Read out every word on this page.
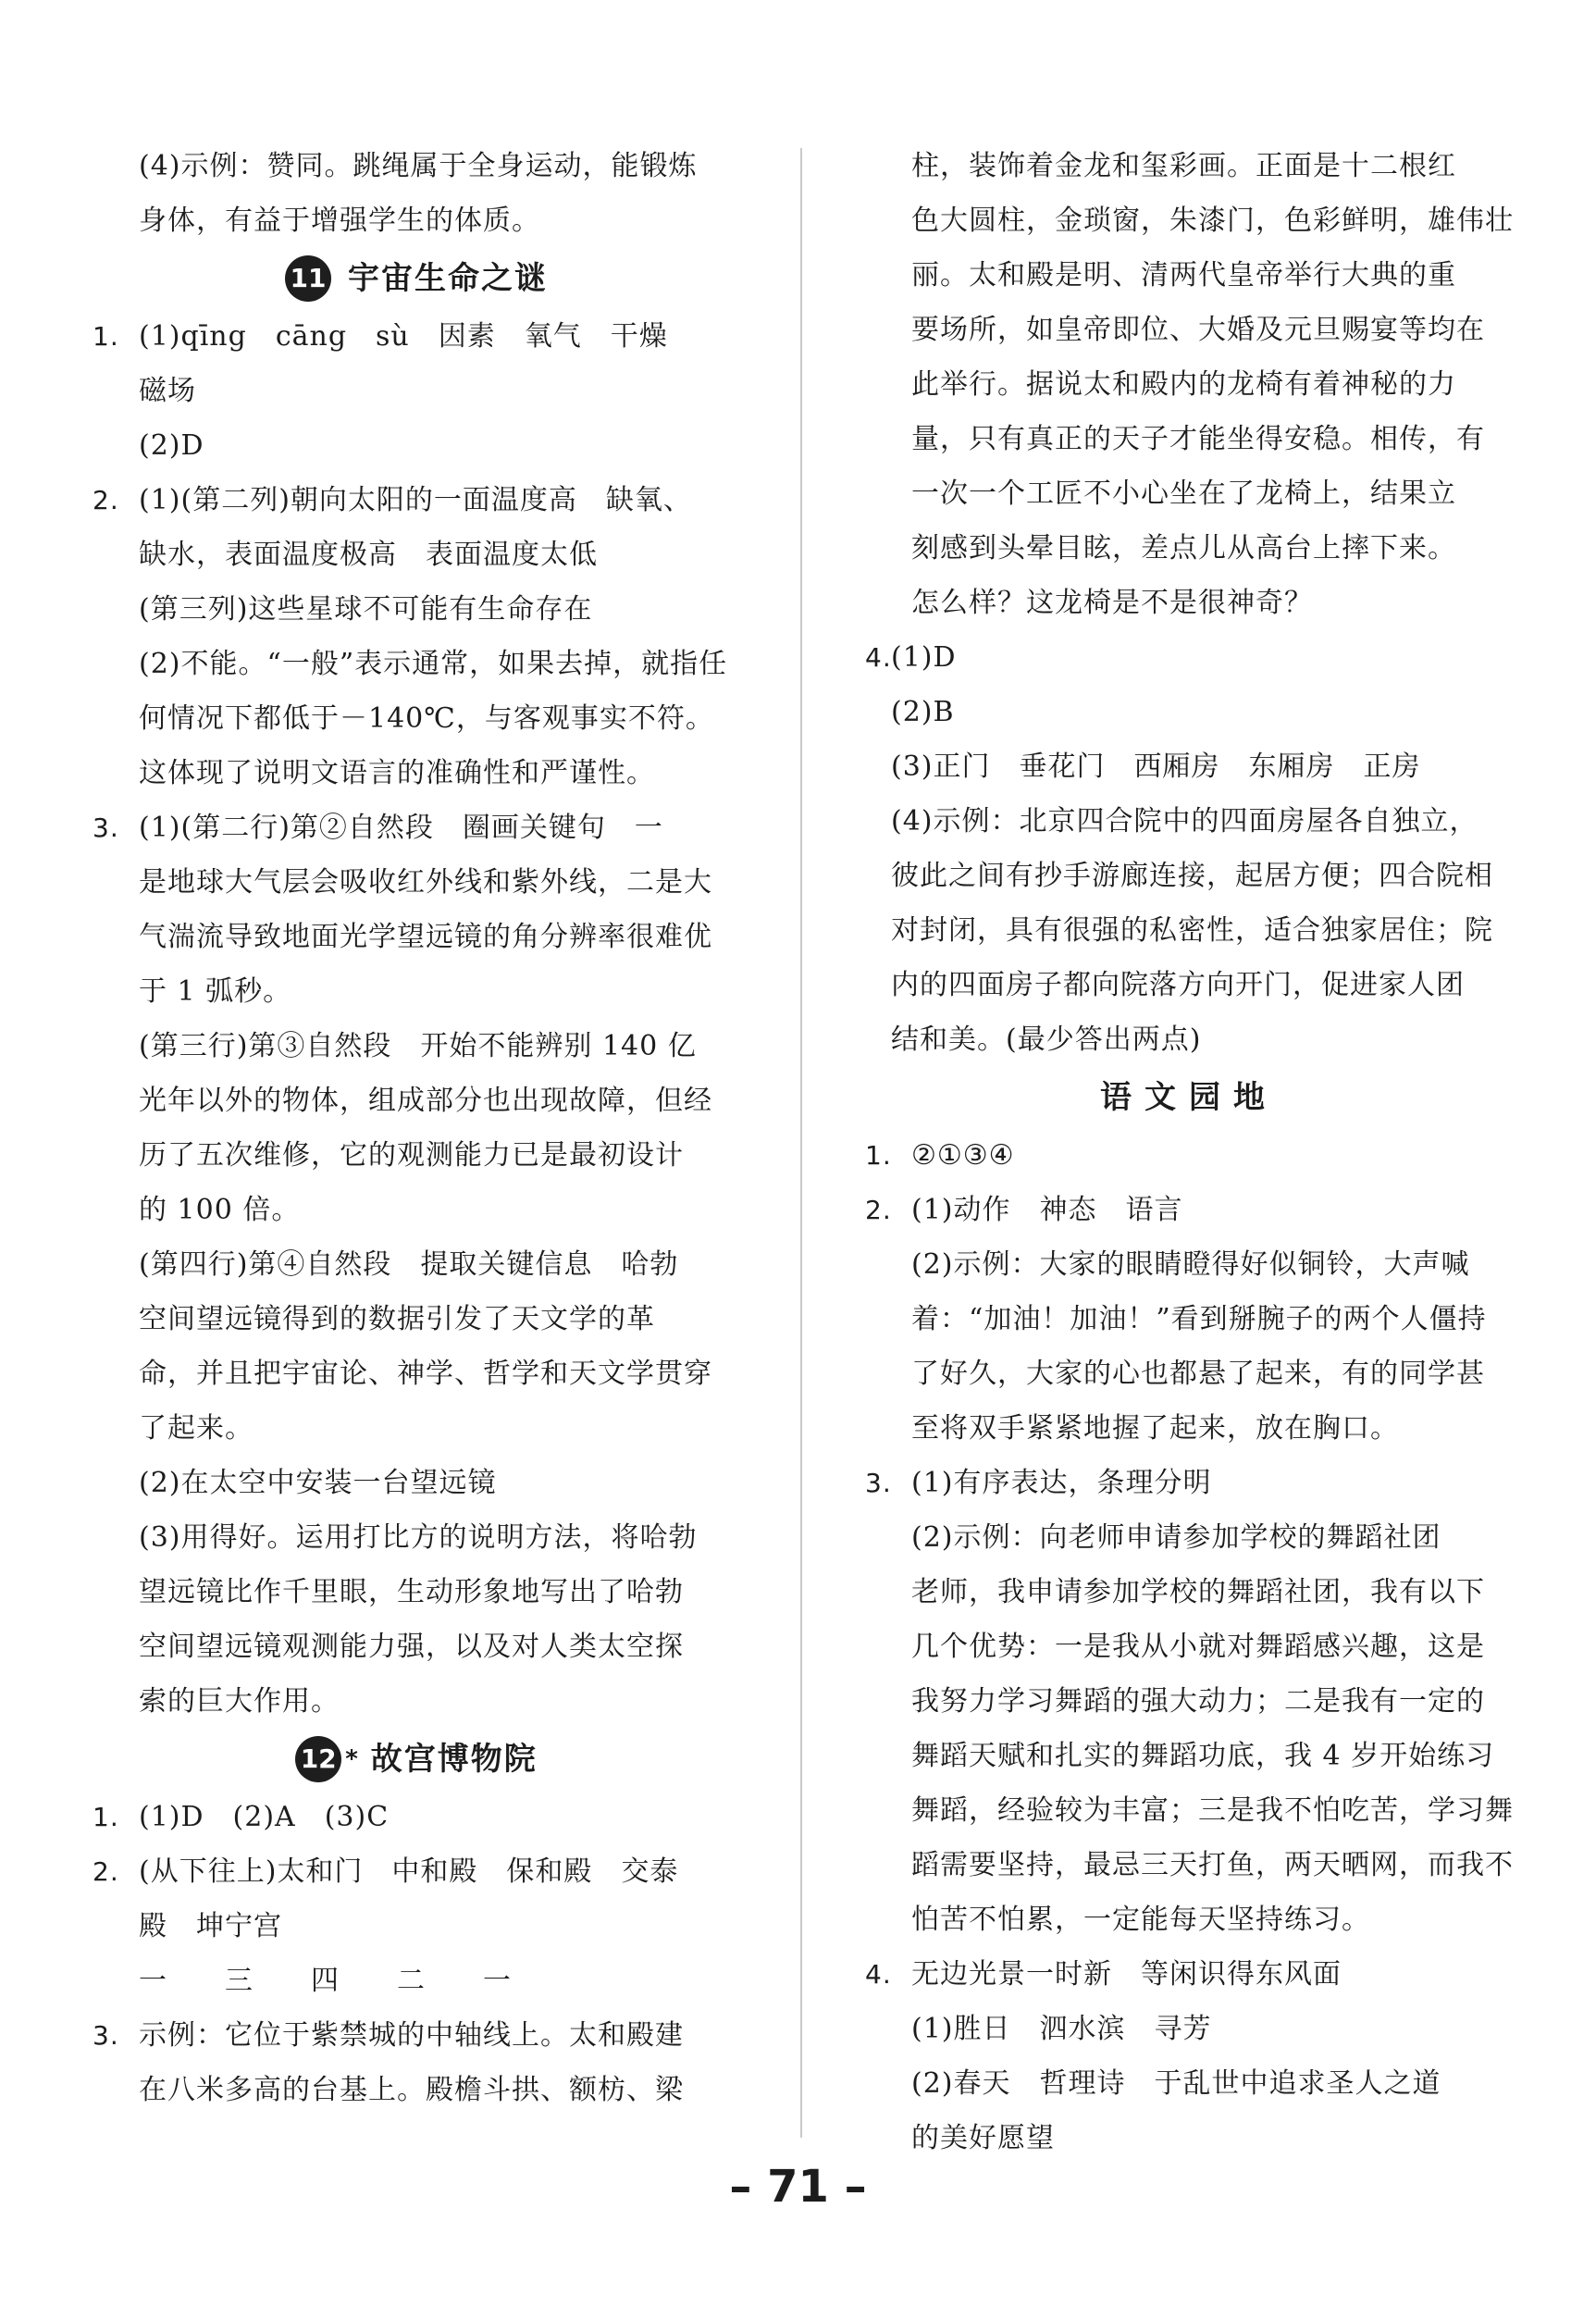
(4)示例：赞同。跳绳属于全身运动，能锻炼
身体，有益于增强学生的体质。
11 宇宙生命之谜
1. (1)qīng　cāng　sù　因素　氧气　干燥
磁场
(2)D
2. (1)(第二列)朝向太阳的一面温度高　缺氧、
缺水，表面温度极高　表面温度太低
(第三列)这些星球不可能有生命存在
(2)不能。“一般”表示通常，如果去掉，就指任
何情况下都低于－140℃，与客观事实不符。
这体现了说明文语言的准确性和严谨性。
3. (1)(第二行)第②自然段　圈画关键句　一
是地球大气层会吸收红外线和紫外线，二是大
气湍流导致地面光学望远镜的角分辨率很难优
于 1 弧秒。
(第三行)第③自然段　开始不能辨别 140 亿
光年以外的物体，组成部分也出现故障，但经
历了五次维修，它的观测能力已是最初设计
的 100 倍。
(第四行)第④自然段　提取关键信息　哈勃
空间望远镜得到的数据引发了天文学的革
命，并且把宇宙论、神学、哲学和天文学贯穿
了起来。
(2)在太空中安装一台望远镜
(3)用得好。运用打比方的说明方法，将哈勃
望远镜比作千里眼，生动形象地写出了哈勃
空间望远镜观测能力强，以及对人类太空探
索的巨大作用。
12 * 故宫博物院
1. (1)D　(2)A　(3)C
2. (从下往上)太和门　中和殿　保和殿　交泰
殿　坤宁宫
一　　三　　四　　二　　一
3. 示例：它位于紫禁城的中轴线上。太和殿建
在八米多高的台基上。殿檐斗拱、额枋、梁
柱，装饰着金龙和玺彩画。正面是十二根红
色大圆柱，金琐窗，朱漆门，色彩鲜明，雄伟壮
丽。太和殿是明、清两代皇帝举行大典的重
要场所，如皇帝即位、大婚及元旦赐宴等均在
此举行。据说太和殿内的龙椅有着神秘的力
量，只有真正的天子才能坐得安稳。相传，有
一次一个工匠不小心坐在了龙椅上，结果立
刻感到头晕目眩，差点儿从高台上摔下来。
怎么样？这龙椅是不是很神奇？
4. (1)D
(2)B
(3)正门　垂花门　西厢房　东厢房　正房
(4)示例：北京四合院中的四面房屋各自独立，
彼此之间有抄手游廊连接，起居方便；四合院相
对封闭，具有很强的私密性，适合独家居住；院
内的四面房子都向院落方向开门，促进家人团
结和美。(最少答出两点)
语文园地
1. ②①③④
2. (1)动作　神态　语言
(2)示例：大家的眼睛瞪得好似铜铃，大声喊
着：“加油！加油！”看到掰腕子的两个人僵持
了好久，大家的心也都悬了起来，有的同学甚
至将双手紧紧地握了起来，放在胸口。
3. (1)有序表达，条理分明
(2)示例：向老师申请参加学校的舞蹈社团
老师，我申请参加学校的舞蹈社团，我有以下
几个优势：一是我从小就对舞蹈感兴趣，这是
我努力学习舞蹈的强大动力；二是我有一定的
舞蹈天赋和扎实的舞蹈功底，我 4 岁开始练习
舞蹈，经验较为丰富；三是我不怕吃苦，学习舞
蹈需要坚持，最忌三天打鱼，两天晒网，而我不
怕苦不怕累，一定能每天坚持练习。
4. 无边光景一时新　等闲识得东风面
(1)胜日　泗水滨　寻芳
(2)春天　哲理诗　于乱世中追求圣人之道
的美好愿望
– 71 –
